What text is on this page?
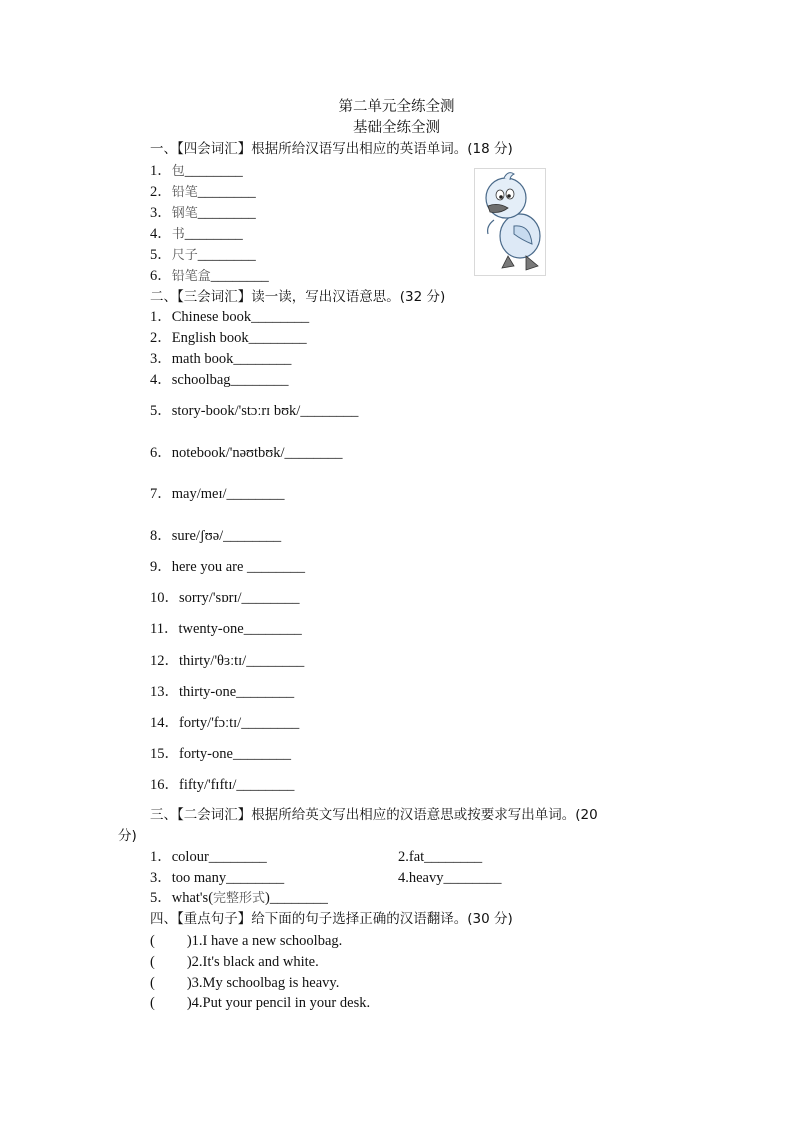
第二单元全练全测
基础全练全测
一、【四会词汇】根据所给汉语写出相应的英语单词。(18 分)
1．包________
2．铅笔________
3．钢笔________
4．书________
5．尺子________
6．铅笔盒________
二、【三会词汇】读一读，写出汉语意思。(32 分)
1．Chinese book________
2．English book________
3．math book________
4．schoolbag________
5．story-book/'stɔːrɪ bʊk/________
6．notebook/'nəʊtbʊk/________
7．may/meɪ/________
8．sure/ʃʊə/________
9．here you are ________
10．sorry/'sɒrɪ/________
11．twenty-one________
12．thirty/'θɜːtɪ/________
13．thirty-one________
14．forty/'fɔːtɪ/________
15．forty-one________
16．fifty/'fɪftɪ/________
三、【二会词汇】根据所给英文写出相应的汉语意思或按要求写出单词。(20
分)
1．colour________	2.fat________
3．too many________	4.heavy________
5．what's(完整形式)________
四、【重点句子】给下面的句子选择正确的汉语翻译。(30 分)
( )1.I have a new schoolbag.
( )2.It's black and white.
( )3.My schoolbag is heavy.
( )4.Put your pencil in your desk.
